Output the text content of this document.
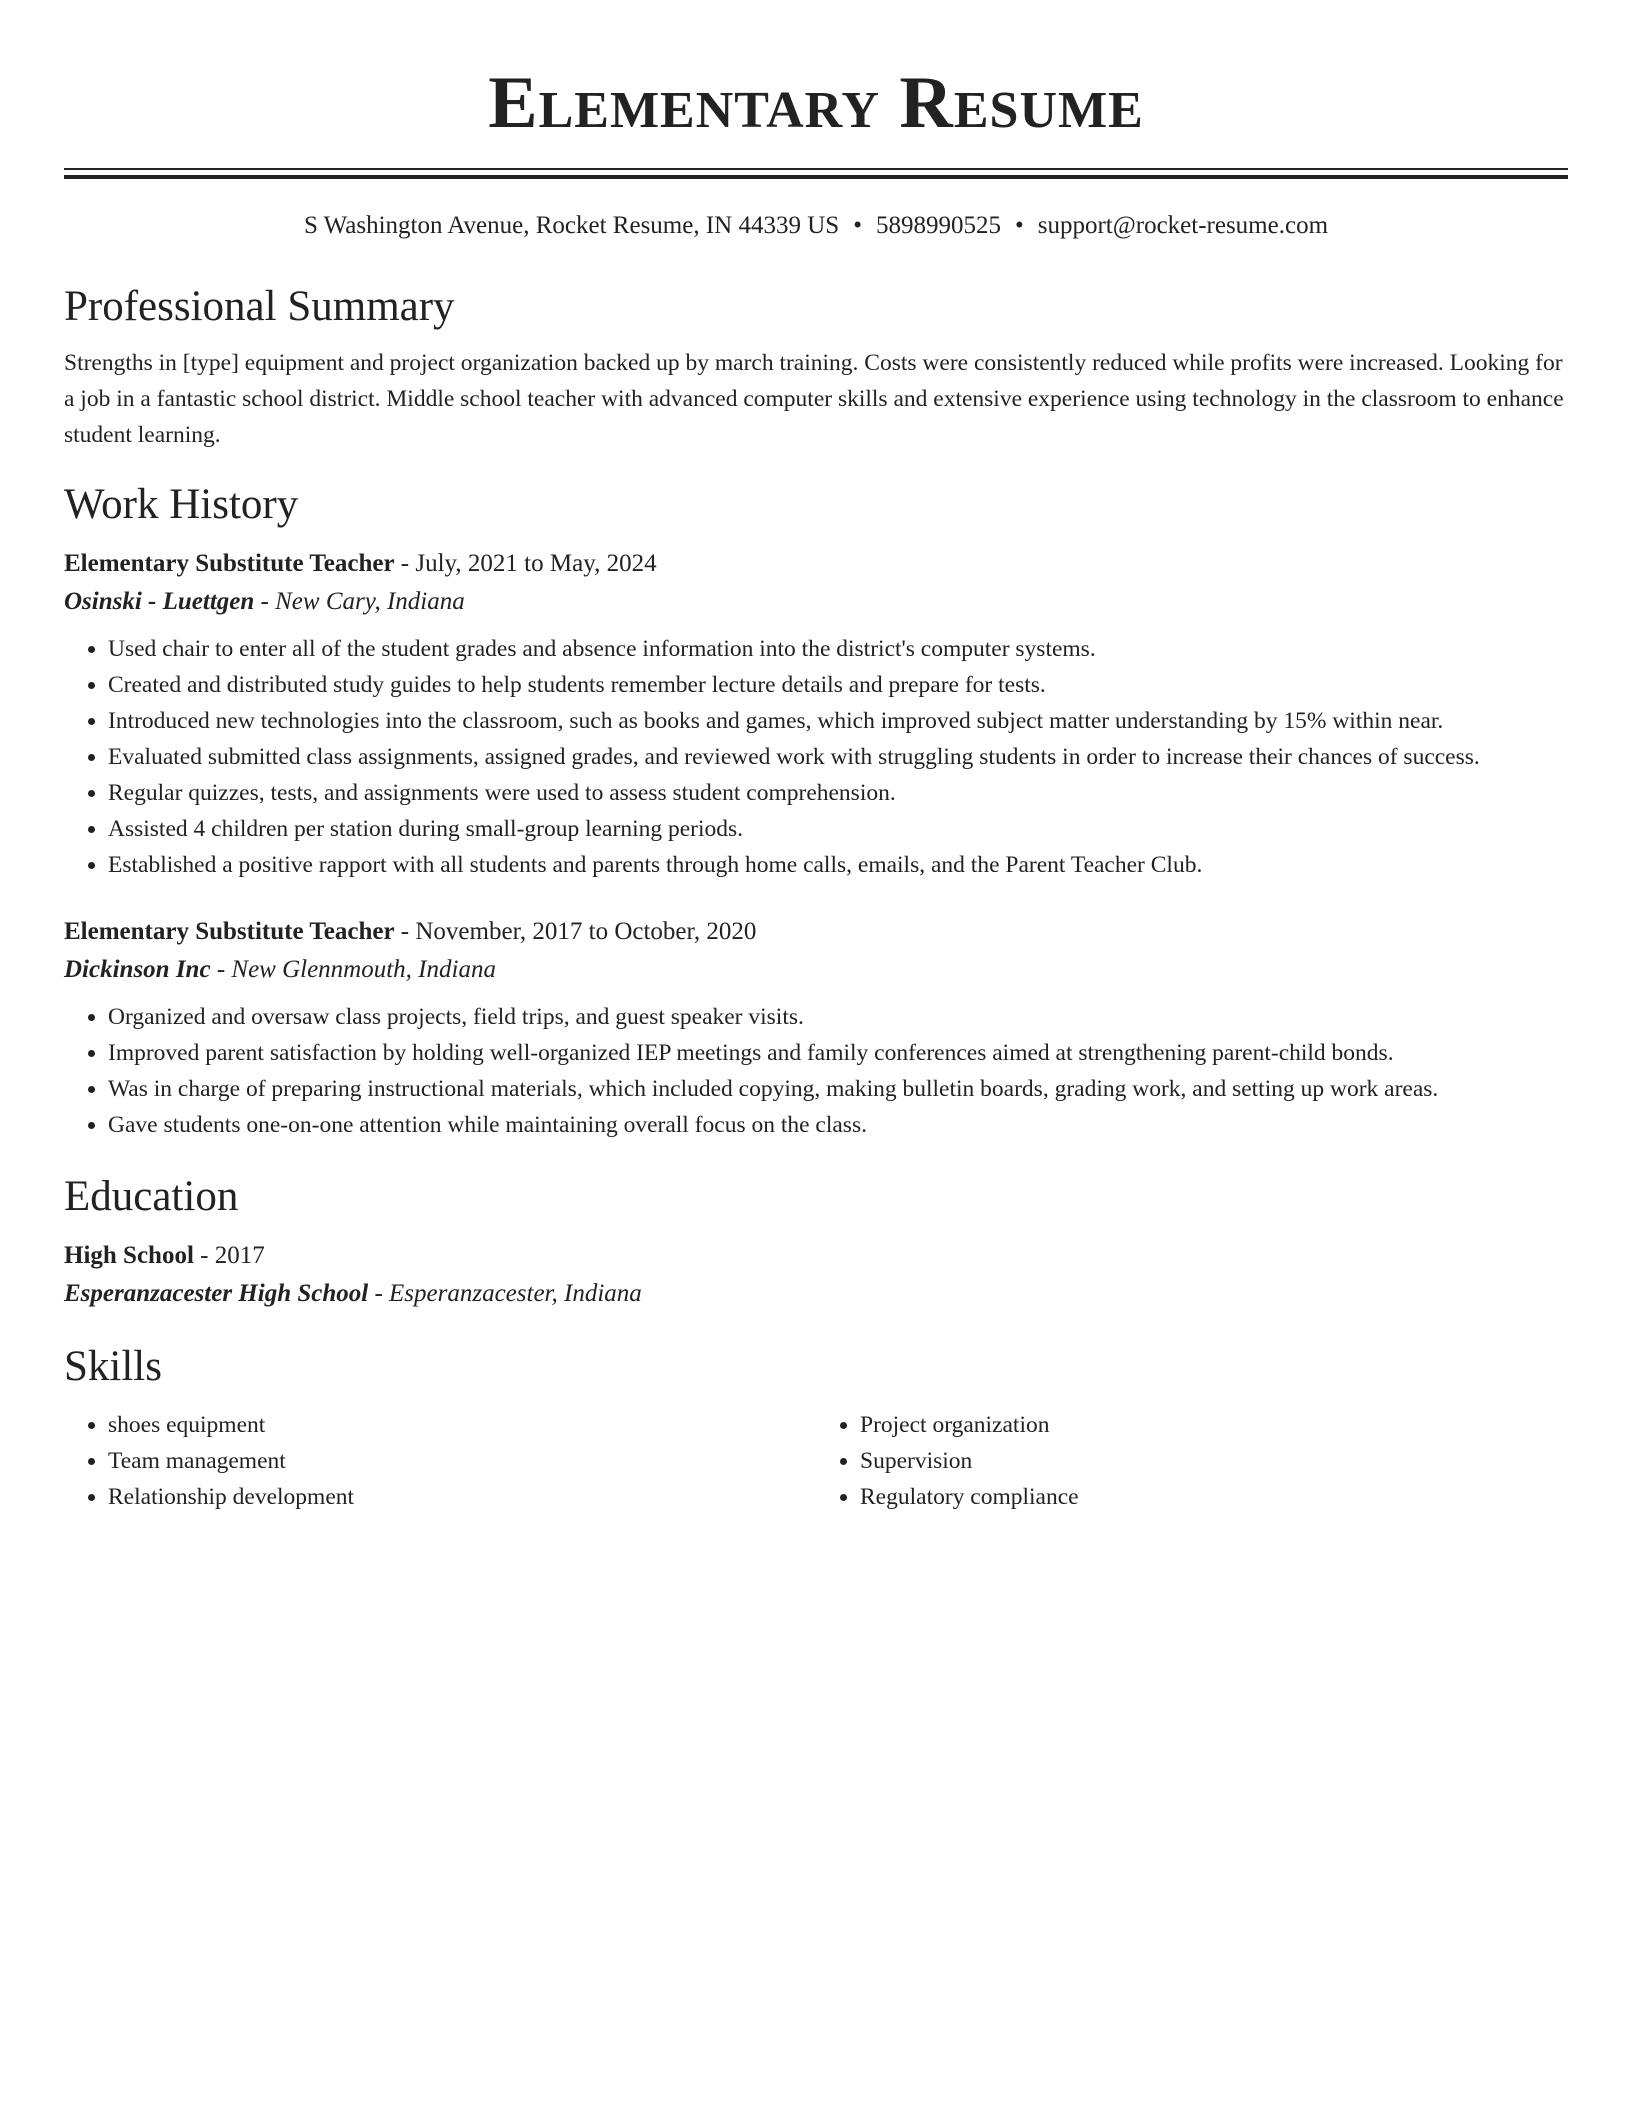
Elementary Resume
S Washington Avenue, Rocket Resume, IN 44339 US • 5898990525 • support@rocket-resume.com
Professional Summary

Strengths in [type] equipment and project organization backed up by march training. Costs were consistently reduced while profits were increased. Looking for a job in a fantastic school district. Middle school teacher with advanced computer skills and extensive experience using technology in the classroom to enhance student learning.

Work History
Elementary Substitute Teacher - July, 2021 to May, 2024
Osinski - Luettgen - New Cary, Indiana
• Used chair to enter all of the student grades and absence information into the district's computer systems.
• Created and distributed study guides to help students remember lecture details and prepare for tests.
• Introduced new technologies into the classroom, such as books and games, which improved subject matter understanding by 15% within near.
• Evaluated submitted class assignments, assigned grades, and reviewed work with struggling students in order to increase their chances of success.
• Regular quizzes, tests, and assignments were used to assess student comprehension.
• Assisted 4 children per station during small-group learning periods.
• Established a positive rapport with all students and parents through home calls, emails, and the Parent Teacher Club.
Elementary Substitute Teacher - November, 2017 to October, 2020
Dickinson Inc - New Glennmouth, Indiana
• Organized and oversaw class projects, field trips, and guest speaker visits.
• Improved parent satisfaction by holding well-organized IEP meetings and family conferences aimed at strengthening parent-child bonds.
• Was in charge of preparing instructional materials, which included copying, making bulletin boards, grading work, and setting up work areas.
• Gave students one-on-one attention while maintaining overall focus on the class.
Education
High School - 2017
Esperanzacester High School - Esperanzacester, Indiana
Skills
• shoes equipment
• Team management
• Relationship development
• Project organization
• Supervision
• Regulatory compliance
